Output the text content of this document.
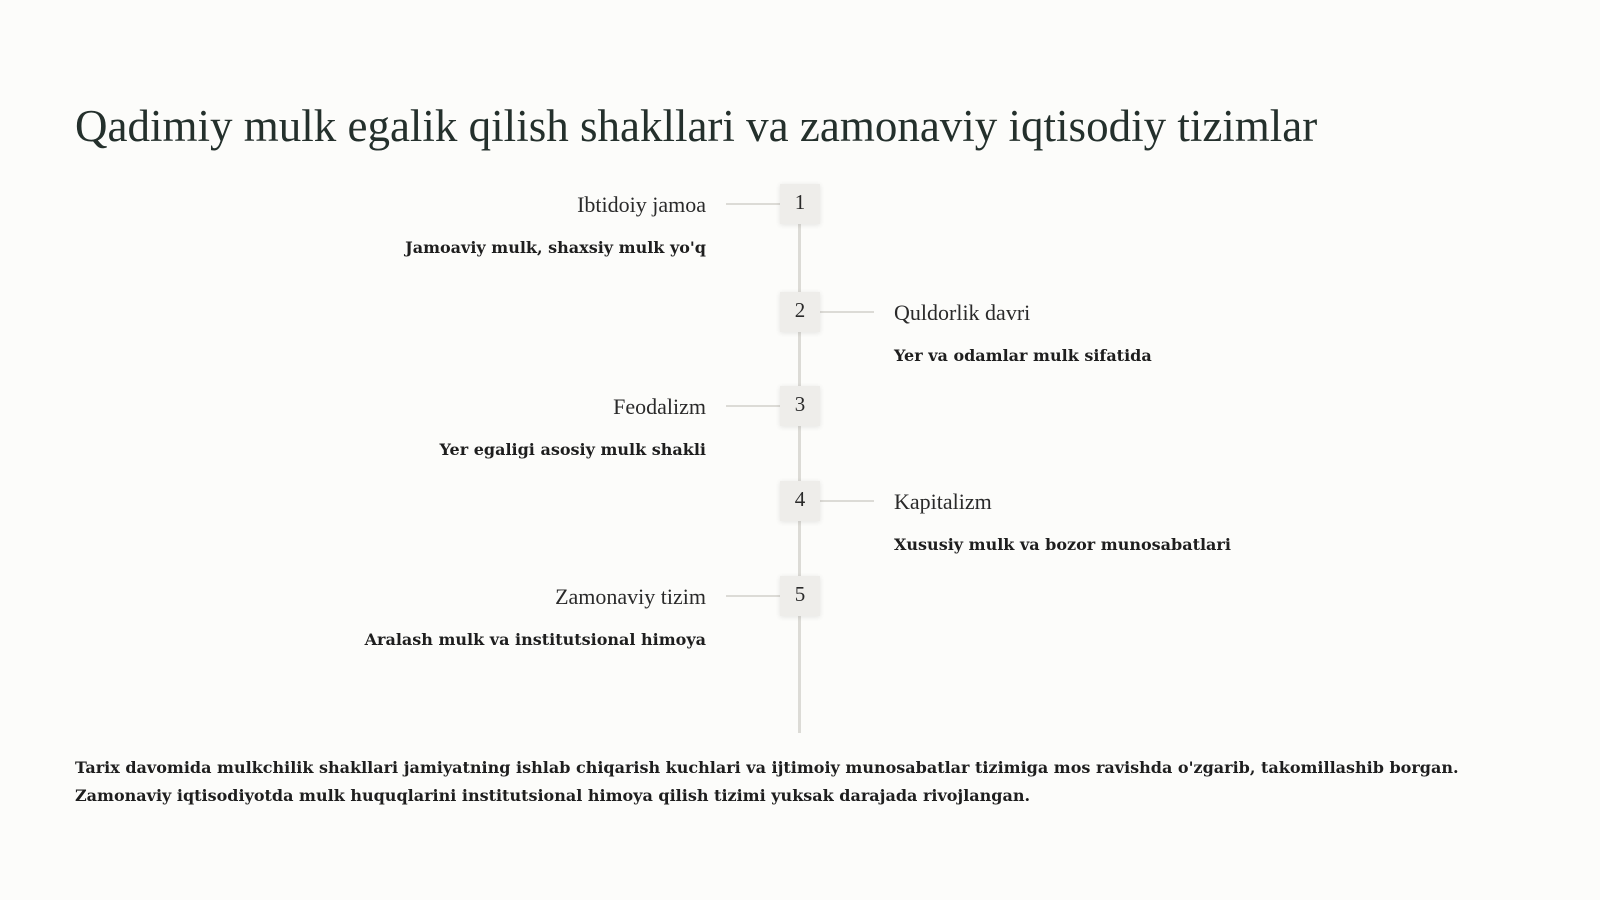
Qadimiy mulk egalik qilish shakllari va zamonaviy iqtisodiy tizimlar
1
Ibtidoiy jamoa
Jamoaviy mulk, shaxsiy mulk yo'q
2	Quldorlik davri
Yer va odamlar mulk sifatida
3
Feodalizm
Yer egaligi asosiy mulk shakli
4	Kapitalizm
Xususiy mulk va bozor munosabatlari
5
Zamonaviy tizim
Aralash mulk va institutsional himoya

Tarix davomida mulkchilik shakllari jamiyatning ishlab chiqarish kuchlari va ijtimoiy munosabatlar tizimiga mos ravishda o'zgarib, takomillashib borgan.
Zamonaviy iqtisodiyotda mulk huquqlarini institutsional himoya qilish tizimi yuksak darajada rivojlangan.
